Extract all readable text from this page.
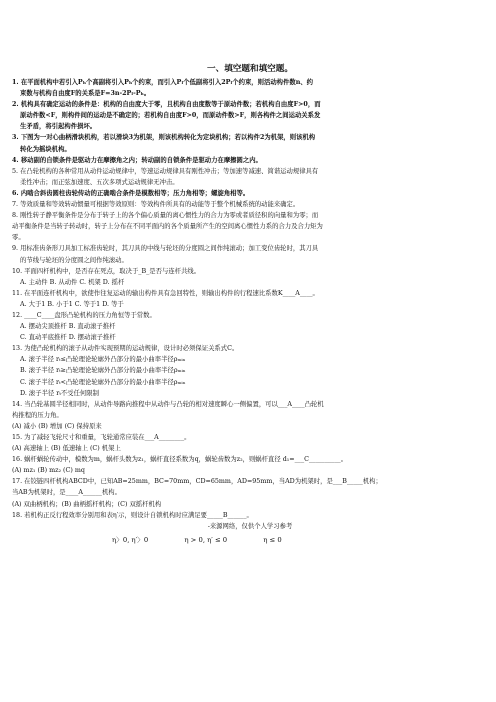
一、填空题和填空题。

1. 在平面机构中若引入Pₕ个高副将引入Pₕ个约束，而引入Pₗ个低副将引入2Pₗ个约束，则活动构件数n、约

束数与机构自由度F的关系是F=3n-2Pₗ-Pₕ。

2. 机构具有确定运动的条件是：机构的自由度大于零，且机构自由度数等于原动件数；若机构自由度F>0，而

原动件数<F，则构件间的运动是不确定的；若机构自由度F>0，而原动件数>F，则各构件之间运动关系发

生矛盾，将引起构件损坏。

3. 下图为一对心曲柄滑块机构，若以滑块3为机架，则该机构转化为定块机构；若以构件2为机架，则该机构

转化为摇块机构。

4. 移动副的自锁条件是驱动力在摩擦角之内；转动副的自锁条件是驱动力在摩擦圆之内。

5. 在凸轮机构的各种常用从动件运动规律中，等速运动规律具有刚性冲击；等加速等减速、简谐运动规律具有

柔性冲击；而正弦加速度、五次多项式运动规律无冲击。

6. 内啮合斜齿圆柱齿轮传动的正确啮合条件是模数相等；压力角相等；螺旋角相等。

7. 等效质量和等效转动惯量可根据等效原则：等效构件所具有的动能等于整个机械系统的动能来确定。

8. 刚性转子静平衡条件是分布于转子上的各个偏心质量的离心惯性力的合力为零或者质径积的向量和为零；而

动平衡条件是当转子转动时，转子上分布在不同平面内的各个质量所产生的空间离心惯性力系的合力及合力矩为

零。

9. 用标准齿条形刀具加工标准齿轮时，其刀具的中线与轮坯的分度圆之间作纯滚动；加工变位齿轮时，其刀具

的节线与轮坯的分度圆之间作纯滚动。

10. 平面四杆机构中，是否存在死点，取决于_B_是否与连杆共线。

A. 主动件 B. 从动件 C. 机架 D. 摇杆

11. 在平面连杆机构中，欲使作往复运动的输出构件具有急回特性，则输出构件的行程速比系数K____A____。

A. 大于1 B. 小于1 C. 等于1 D. 等于

12. ____C____盘形凸轮机构的压力角恒等于常数。

A. 摆动尖顶推杆 B. 直动滚子推杆

C. 直动平底推杆 D. 摆动滚子推杆

13. 为使凸轮机构的滚子从动件实现预期的运动规律，设计时必须保证关系式C。

A. 滚子半径 rₜ≤凸轮理论轮廓外凸部分的最小曲率半径ρₘᵢₙ

B. 滚子半径 rₜ≥凸轮理论轮廓外凸部分的最小曲率半径ρₘᵢₙ

C. 滚子半径 rₜ<凸轮理论轮廓外凸部分的最小曲率半径ρₘᵢₙ

D. 滚子半径 rₜ不受任何限制

14. 当凸轮基圆半径相同时，从动件导路向推程中从动件与凸轮的相对速度瞬心一侧偏置，可以___A____凸轮机

构推程的压力角。

(A) 减小 (B) 增加 (C) 保持原来

15. 为了减轻飞轮尺寸和重量，飞轮通常应装在___A________。

(A) 高速轴上 (B) 低速轴上 (C) 机架上

16. 蜗杆蜗轮传动中，模数为m，蜗杆头数为z₁，蜗杆直径系数为q，蜗轮齿数为z₂，则蜗杆直径 d₁=___C__________。

(A) mz₁ (B) mz₂ (C) mq

17. 在铰链四杆机构ABCD中，已知AB=25mm，BC=70mm，CD=65mm，AD=95mm，当AD为机架时，是___B_____机构；

当AB为机架时，是____A______机构。

(A) 双曲柄机构；(B) 曲柄摇杆机构；(C) 双摇杆机构

18. 若机构正反行程效率分别用和表η′示，则设计自锁机构时应满足要_____B______。

-来源网络，仅供个人学习参考

η〉0, η′〉0	η > 0, η′ ≤ 0	η ≤ 0
